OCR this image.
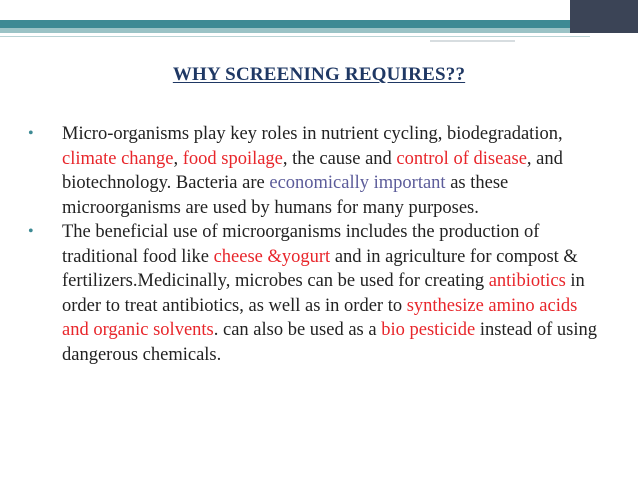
WHY SCREENING REQUIRES??
• Micro-organisms play key roles in nutrient cycling, biodegradation, climate change, food spoilage, the cause and control of disease, and biotechnology. Bacteria are economically important as these microorganisms are used by humans for many purposes.
• The beneficial use of microorganisms includes the production of traditional food like cheese &yogurt and in agriculture for compost & fertilizers.Medicinally, microbes can be used for creating antibiotics in order to treat antibiotics, as well as in order to synthesize amino acids and organic solvents. can also be used as a bio pesticide instead of using dangerous chemicals.
